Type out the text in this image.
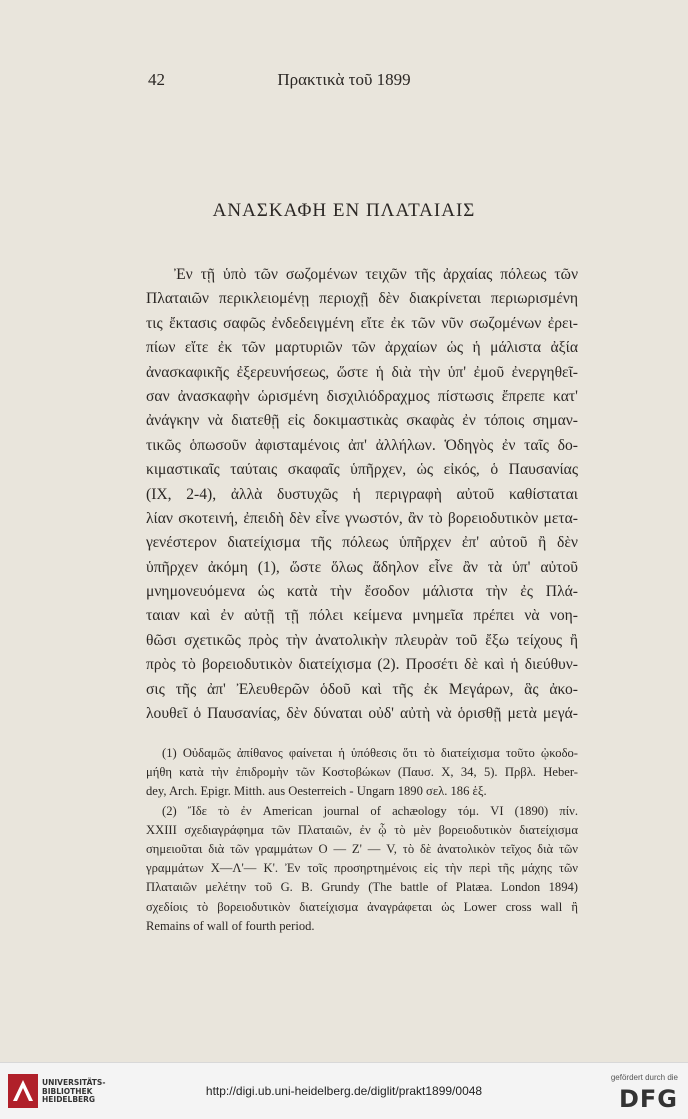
42	Πρακτικὰ τοῦ 1899
ΑΝΑΣΚΑΦΗ ΕΝ ΠΛΑΤΑΙΑΙΣ
Ἐν τῇ ὑπὸ τῶν σωζομένων τειχῶν τῆς ἀρχαίας πόλεως τῶν
Πλαταιῶν περικλειομένῃ περιοχῇ δὲν διακρίνεται περιωρισμένη
τις ἔκτασις σαφῶς ἐνδεδειγμένη εἴτε ἐκ τῶν νῦν σωζομένων ἐρει-
πίων εἴτε ἐκ τῶν μαρτυριῶν τῶν ἀρχαίων ὡς ἡ μάλιστα ἀξία
ἀνασκαφικῆς ἐξερευνήσεως, ὥστε ἡ διὰ τὴν ὑπ' ἐμοῦ ἐνεργηθεῖ-
σαν ἀνασκαφὴν ὡρισμένη δισχιλιόδραχμος πίστωσις ἔπρεπε κατ'
ἀνάγκην νὰ διατεθῇ εἰς δοκιμαστικὰς σκαφὰς ἐν τόποις σημαν-
τικῶς ὁπωσοῦν ἀφισταμένοις ἀπ' ἀλλήλων. Ὁδηγὸς ἐν ταῖς δο-
κιμαστικαῖς ταύταις σκαφαῖς ὑπῆρχεν, ὡς εἰκός, ὁ Παυσανίας
(ΙΧ, 2-4), ἀλλὰ δυστυχῶς ἡ περιγραφὴ αὐτοῦ καθίσταται
λίαν σκοτεινή, ἐπειδὴ δὲν εἶνε γνωστόν, ἂν τὸ βορειοδυτικὸν μετα-
γενέστερον διατείχισμα τῆς πόλεως ὑπῆρχεν ἐπ' αὐτοῦ ἢ δὲν
ὑπῆρχεν ἀκόμη (1), ὥστε ὅλως ἄδηλον εἶνε ἂν τὰ ὑπ' αὐτοῦ
μνημονευόμενα ὡς κατὰ τὴν ἔσοδον μάλιστα τὴν ἐς Πλά-
ταιαν καὶ ἐν αὐτῇ τῇ πόλει κείμενα μνημεῖα πρέπει νὰ νοη-
θῶσι σχετικῶς πρὸς τὴν ἀνατολικὴν πλευρὰν τοῦ ἔξω τείχους ἢ
πρὸς τὸ βορειοδυτικὸν διατείχισμα (2). Προσέτι δὲ καὶ ἡ διεύθυν-
σις τῆς ἀπ' Ἐλευθερῶν ὁδοῦ καὶ τῆς ἐκ Μεγάρων, ἃς ἀκο-
λουθεῖ ὁ Παυσανίας, δὲν δύναται οὐδ' αὐτὴ νὰ ὁρισθῇ μετὰ μεγά-
(1) Οὐδαμῶς ἀπίθανος φαίνεται ἡ ὑπόθεσις ὅτι τὸ διατείχισμα τοῦτο ᾠκοδο-
μήθη κατὰ τὴν ἐπιδρομὴν τῶν Κοστοβώκων (Παυσ. Χ, 34, 5). Πρβλ. Heber-
dey, Arch. Epigr. Mitth. aus Oesterreich - Ungarn 1890 σελ. 186 ἑξ.
(2) Ἴδε τὸ ἐν American journal of achæology τόμ. VI (1890) πίν.
XXIII σχεδιαγράφημα τῶν Πλαταιῶν, ἐν ᾧ τὸ μὲν βορειοδυτικὸν διατείχισμα
σημειοῦται διὰ τῶν γραμμάτων Ο — Ζ' — V, τὸ δὲ ἀνατολικὸν τεῖχος διὰ τῶν
γραμμάτων Χ—Λ'— Κ'. Ἐν τοῖς προσηρτημένοις εἰς τὴν περὶ τῆς μάχης τῶν
Πλαταιῶν μελέτην τοῦ G. B. Grundy (The battle of Platæa. London 1894)
σχεδίοις τὸ βορειοδυτικὸν διατείχισμα ἀναγράφεται ὡς Lower cross wall ἢ
Remains of wall of fourth period.
UNIVERSITÄTS-
BIBLIOTHEK
HEIDELBERG
http://digi.ub.uni-heidelberg.de/diglit/prakt1899/0048
gefördert durch die
DFG
